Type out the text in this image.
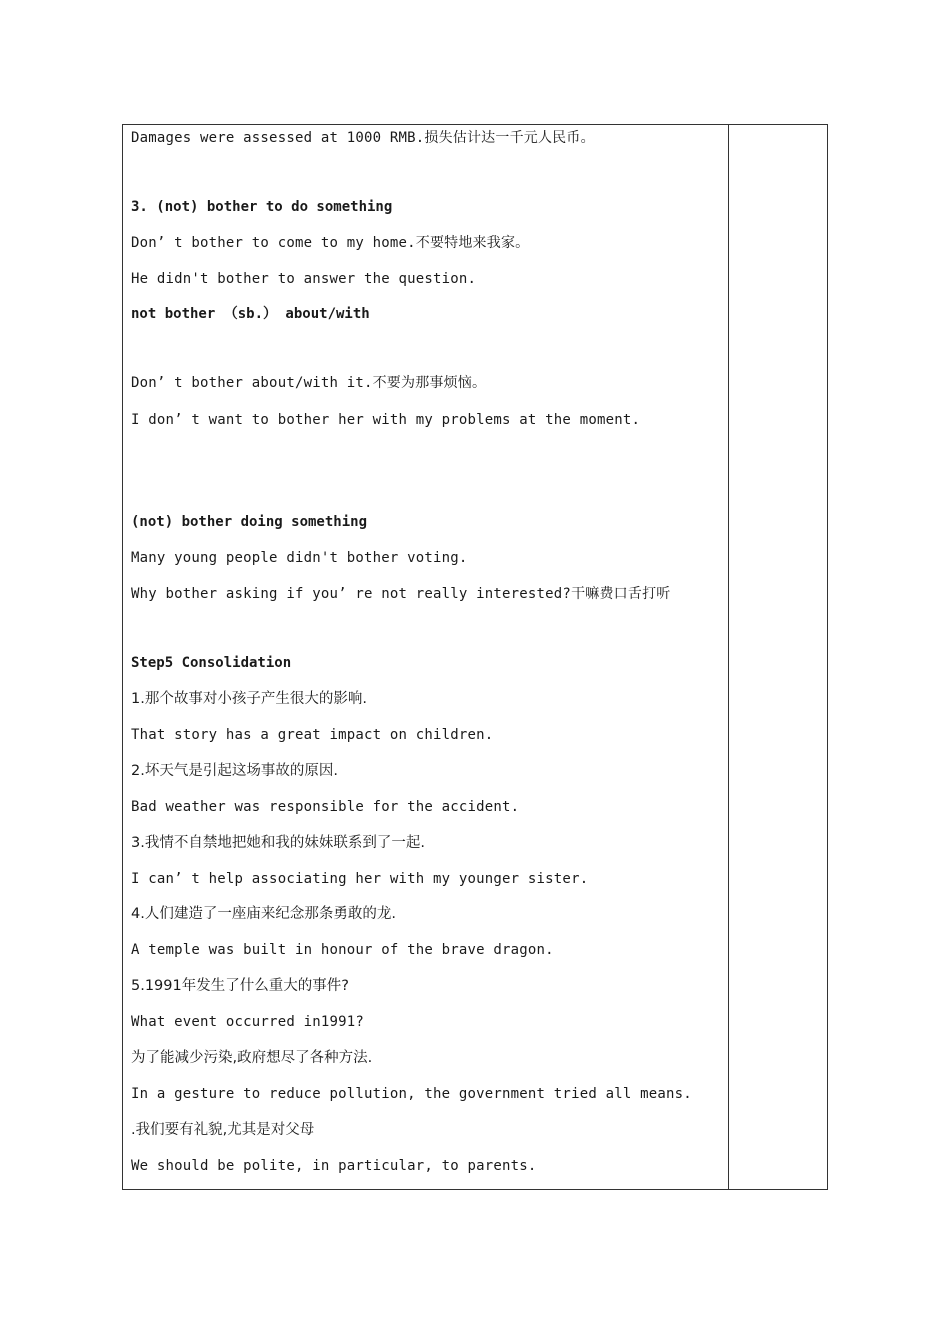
Damages were assessed at 1000 RMB.损失估计达一千元人民币。
3. (not) bother to do something
Don’ t bother to come to my home.不要特地来我家。
He didn't bother to answer the question.
not bother （sb.） about/with
Don’ t bother about/with it.不要为那事烦恼。
I don’ t want to bother her with my problems at the moment.
(not) bother doing something
Many young people didn't bother voting.
Why bother asking if you’ re not really interested?干嘛费口舌打听
Step5 Consolidation
1.那个故事对小孩子产生很大的影响.
That story has a great impact on children.
2.坏天气是引起这场事故的原因.
Bad weather was responsible for the accident.
3.我情不自禁地把她和我的妹妹联系到了一起.
I can’ t help associating her with my younger sister.
4.人们建造了一座庙来纪念那条勇敢的龙.
A temple was built in honour of the brave dragon.
5.1991年发生了什么重大的事件?
What event occurred in1991?
为了能减少污染,政府想尽了各种方法.
In a gesture to reduce pollution, the government tried all means.
.我们要有礼貌,尤其是对父母
We should be polite, in particular, to parents.
